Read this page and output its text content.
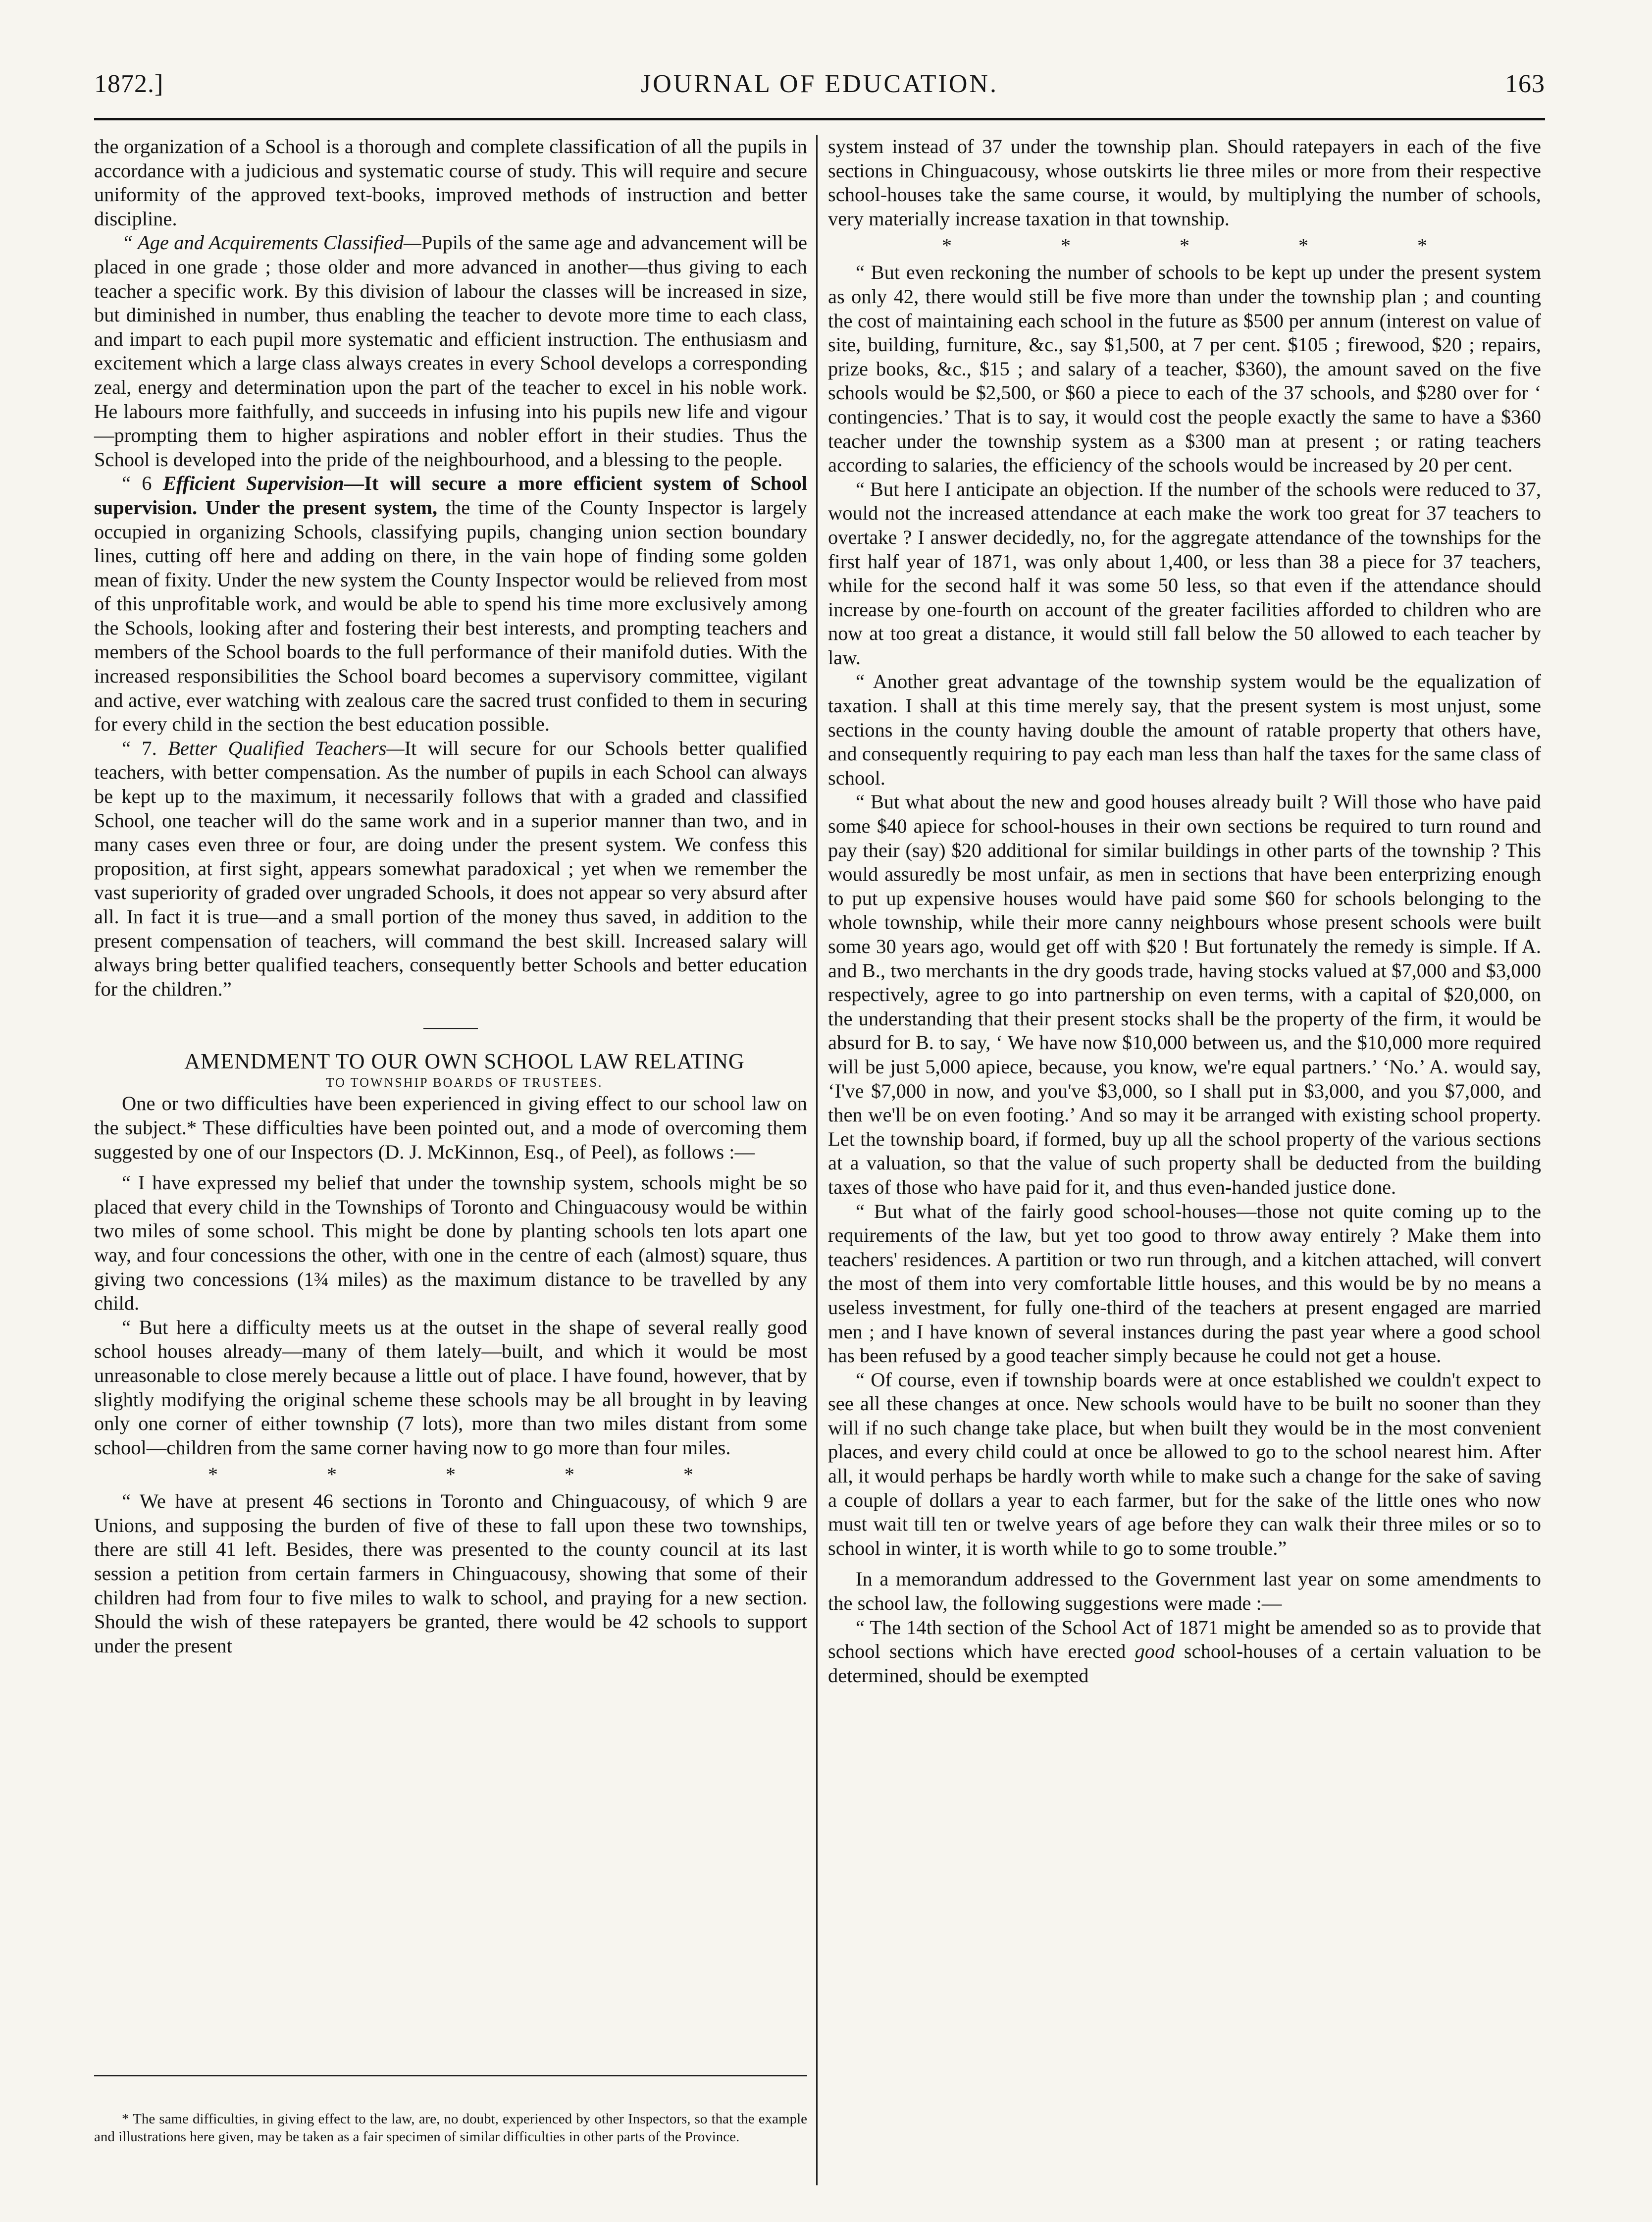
1872.]	JOURNAL OF EDUCATION.	163

the organization of a School is a thorough and complete classification of all the pupils in accordance with a judicious and systematic course of study. This will require and secure uniformity of the approved text-books, improved methods of instruction and better discipline.

“ Age and Acquirements Classified—Pupils of the same age and advancement will be placed in one grade ; those older and more advanced in another—thus giving to each teacher a specific work. By this division of labour the classes will be increased in size, but diminished in number, thus enabling the teacher to devote more time to each class, and impart to each pupil more systematic and efficient instruction. The enthusiasm and excitement which a large class always creates in every School develops a corresponding zeal, energy and determination upon the part of the teacher to excel in his noble work. He labours more faithfully, and succeeds in infusing into his pupils new life and vigour—prompting them to higher aspirations and nobler effort in their studies. Thus the School is developed into the pride of the neighbourhood, and a blessing to the people.

“ 6 Efficient Supervision—It will secure a more efficient system of School supervision. Under the present system, the time of the County Inspector is largely occupied in organizing Schools, classifying pupils, changing union section boundary lines, cutting off here and adding on there, in the vain hope of finding some golden mean of fixity. Under the new system the County Inspector would be relieved from most of this unprofitable work, and would be able to spend his time more exclusively among the Schools, looking after and fostering their best interests, and prompting teachers and members of the School boards to the full performance of their manifold duties. With the increased responsibilities the School board becomes a supervisory committee, vigilant and active, ever watching with zealous care the sacred trust confided to them in securing for every child in the section the best education possible.

“ 7. Better Qualified Teachers—It will secure for our Schools better qualified teachers, with better compensation. As the number of pupils in each School can always be kept up to the maximum, it necessarily follows that with a graded and classified School, one teacher will do the same work and in a superior manner than two, and in many cases even three or four, are doing under the present system. We confess this proposition, at first sight, appears somewhat paradoxical ; yet when we remember the vast superiority of graded over ungraded Schools, it does not appear so very absurd after all. In fact it is true—and a small portion of the money thus saved, in addition to the present compensation of teachers, will command the best skill. Increased salary will always bring better qualified teachers, consequently better Schools and better education for the children.”

AMENDMENT TO OUR OWN SCHOOL LAW RELATING

TO TOWNSHIP BOARDS OF TRUSTEES.

One or two difficulties have been experienced in giving effect to our school law on the subject.* These difficulties have been pointed out, and a mode of overcoming them suggested by one of our Inspectors (D. J. McKinnon, Esq., of Peel), as follows :—

“ I have expressed my belief that under the township system, schools might be so placed that every child in the Townships of Toronto and Chinguacousy would be within two miles of some school. This might be done by planting schools ten lots apart one way, and four concessions the other, with one in the centre of each (almost) square, thus giving two concessions (1¾ miles) as the maximum distance to be travelled by any child.

“ But here a difficulty meets us at the outset in the shape of several really good school houses already—many of them lately—built, and which it would be most unreasonable to close merely because a little out of place. I have found, however, that by slightly modifying the original scheme these schools may be all brought in by leaving only one corner of either township (7 lots), more than two miles distant from some school—children from the same corner having now to go more than four miles.

* * * * *

“ We have at present 46 sections in Toronto and Chinguacousy, of which 9 are Unions, and supposing the burden of five of these to fall upon these two townships, there are still 41 left. Besides, there was presented to the county council at its last session a petition from certain farmers in Chinguacousy, showing that some of their children had from four to five miles to walk to school, and praying for a new section. Should the wish of these ratepayers be granted, there would be 42 schools to support under the present

* The same difficulties, in giving effect to the law, are, no doubt, experienced by other Inspectors, so that the example and illustrations here given, may be taken as a fair specimen of similar difficulties in other parts of the Province.

system instead of 37 under the township plan. Should ratepayers in each of the five sections in Chinguacousy, whose outskirts lie three miles or more from their respective school-houses take the same course, it would, by multiplying the number of schools, very materially increase taxation in that township.

* * * * *

“ But even reckoning the number of schools to be kept up under the present system as only 42, there would still be five more than under the township plan ; and counting the cost of maintaining each school in the future as $500 per annum (interest on value of site, building, furniture, &c., say $1,500, at 7 per cent. $105 ; firewood, $20 ; repairs, prize books, &c., $15 ; and salary of a teacher, $360), the amount saved on the five schools would be $2,500, or $60 a piece to each of the 37 schools, and $280 over for ‘ contingencies.’ That is to say, it would cost the people exactly the same to have a $360 teacher under the township system as a $300 man at present ; or rating teachers according to salaries, the efficiency of the schools would be increased by 20 per cent.

“ But here I anticipate an objection. If the number of the schools were reduced to 37, would not the increased attendance at each make the work too great for 37 teachers to overtake ? I answer decidedly, no, for the aggregate attendance of the townships for the first half year of 1871, was only about 1,400, or less than 38 a piece for 37 teachers, while for the second half it was some 50 less, so that even if the attendance should increase by one-fourth on account of the greater facilities afforded to children who are now at too great a distance, it would still fall below the 50 allowed to each teacher by law.

“ Another great advantage of the township system would be the equalization of taxation. I shall at this time merely say, that the present system is most unjust, some sections in the county having double the amount of ratable property that others have, and consequently requiring to pay each man less than half the taxes for the same class of school.

“ But what about the new and good houses already built ? Will those who have paid some $40 apiece for school-houses in their own sections be required to turn round and pay their (say) $20 additional for similar buildings in other parts of the township ? This would assuredly be most unfair, as men in sections that have been enterprizing enough to put up expensive houses would have paid some $60 for schools belonging to the whole township, while their more canny neighbours whose present schools were built some 30 years ago, would get off with $20 ! But fortunately the remedy is simple. If A. and B., two merchants in the dry goods trade, having stocks valued at $7,000 and $3,000 respectively, agree to go into partnership on even terms, with a capital of $20,000, on the understanding that their present stocks shall be the property of the firm, it would be absurd for B. to say, ‘ We have now $10,000 between us, and the $10,000 more required will be just 5,000 apiece, because, you know, we're equal partners.’ ‘No.’ A. would say, ‘I've $7,000 in now, and you've $3,000, so I shall put in $3,000, and you $7,000, and then we'll be on even footing.’ And so may it be arranged with existing school property. Let the township board, if formed, buy up all the school property of the various sections at a valuation, so that the value of such property shall be deducted from the building taxes of those who have paid for it, and thus even-handed justice done.

“ But what of the fairly good school-houses—those not quite coming up to the requirements of the law, but yet too good to throw away entirely ? Make them into teachers' residences. A partition or two run through, and a kitchen attached, will convert the most of them into very comfortable little houses, and this would be by no means a useless investment, for fully one-third of the teachers at present engaged are married men ; and I have known of several instances during the past year where a good school has been refused by a good teacher simply because he could not get a house.

“ Of course, even if township boards were at once established we couldn't expect to see all these changes at once. New schools would have to be built no sooner than they will if no such change take place, but when built they would be in the most convenient places, and every child could at once be allowed to go to the school nearest him. After all, it would perhaps be hardly worth while to make such a change for the sake of saving a couple of dollars a year to each farmer, but for the sake of the little ones who now must wait till ten or twelve years of age before they can walk their three miles or so to school in winter, it is worth while to go to some trouble.”

In a memorandum addressed to the Government last year on some amendments to the school law, the following suggestions were made :—

“ The 14th section of the School Act of 1871 might be amended so as to provide that school sections which have erected good school-houses of a certain valuation to be determined, should be exempted
